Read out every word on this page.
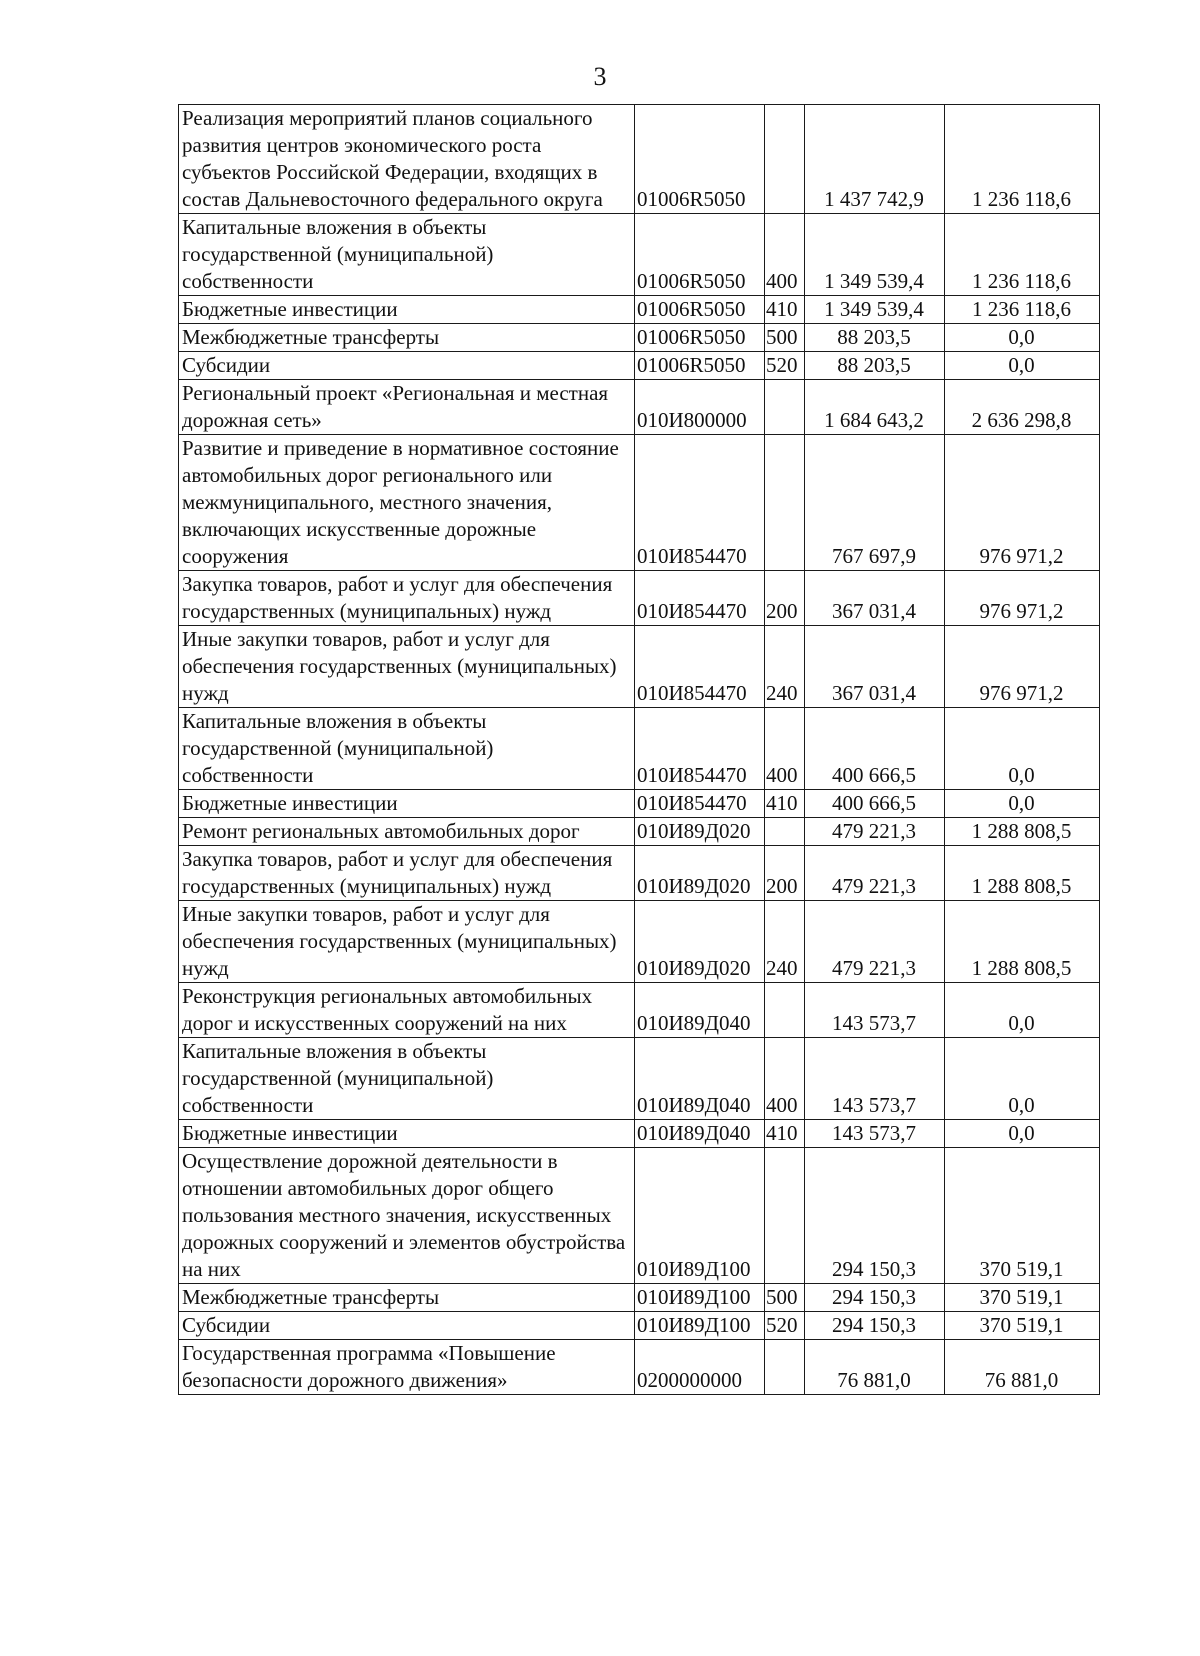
3
Реализация мероприятий планов социального развития центров экономического роста субъектов Российской Федерации, входящих в состав Дальневосточного федерального округа	01006R5050		1 437 742,9	1 236 118,6
Капитальные вложения в объекты государственной (муниципальной) собственности	01006R5050	400	1 349 539,4	1 236 118,6
Бюджетные инвестиции	01006R5050	410	1 349 539,4	1 236 118,6
Межбюджетные трансферты	01006R5050	500	88 203,5	0,0
Субсидии	01006R5050	520	88 203,5	0,0
Региональный проект «Региональная и местная дорожная сеть»	010И800000		1 684 643,2	2 636 298,8
Развитие и приведение в нормативное состояние автомобильных дорог регионального или межмуниципального, местного значения, включающих искусственные дорожные сооружения	010И854470		767 697,9	976 971,2
Закупка товаров, работ и услуг для обеспечения государственных (муниципальных) нужд	010И854470	200	367 031,4	976 971,2
Иные закупки товаров, работ и услуг для обеспечения государственных (муниципальных) нужд	010И854470	240	367 031,4	976 971,2
Капитальные вложения в объекты государственной (муниципальной) собственности	010И854470	400	400 666,5	0,0
Бюджетные инвестиции	010И854470	410	400 666,5	0,0
Ремонт региональных автомобильных дорог	010И89Д020		479 221,3	1 288 808,5
Закупка товаров, работ и услуг для обеспечения государственных (муниципальных) нужд	010И89Д020	200	479 221,3	1 288 808,5
Иные закупки товаров, работ и услуг для обеспечения государственных (муниципальных) нужд	010И89Д020	240	479 221,3	1 288 808,5
Реконструкция региональных автомобильных дорог и искусственных сооружений на них	010И89Д040		143 573,7	0,0
Капитальные вложения в объекты государственной (муниципальной) собственности	010И89Д040	400	143 573,7	0,0
Бюджетные инвестиции	010И89Д040	410	143 573,7	0,0
Осуществление дорожной деятельности в отношении автомобильных дорог общего пользования местного значения, искусственных дорожных сооружений и элементов обустройства на них	010И89Д100		294 150,3	370 519,1
Межбюджетные трансферты	010И89Д100	500	294 150,3	370 519,1
Субсидии	010И89Д100	520	294 150,3	370 519,1
Государственная программа «Повышение безопасности дорожного движения»	0200000000		76 881,0	76 881,0
